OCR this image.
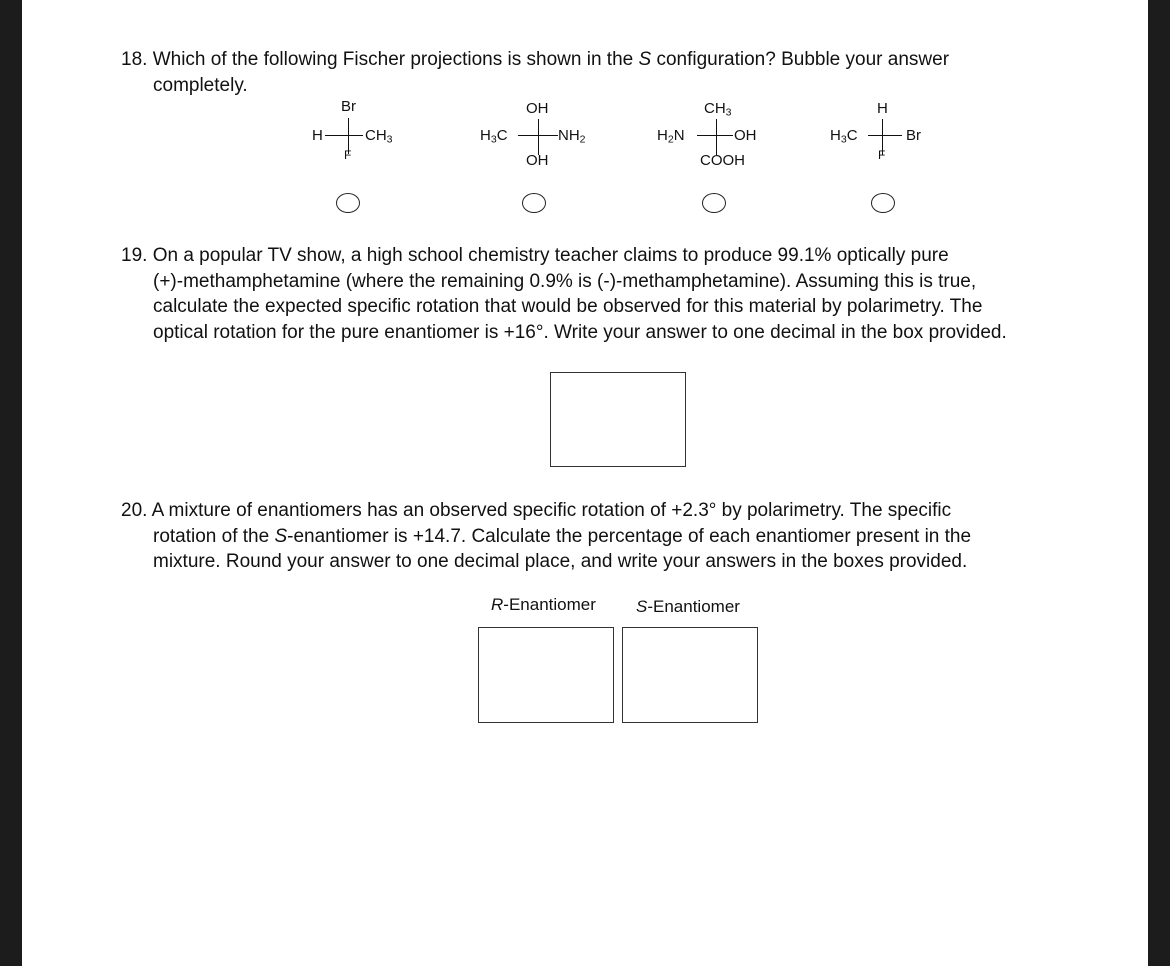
18. Which of the following Fischer projections is shown in the S configuration? Bubble your answer
completely.
Br
H	$CH_3$
F
OH
$H_3C$	$NH_2$
OH
$CH_3$
$H_2N$	OH
COOH
H
$H_3C$	Br
F
19. On a popular TV show, a high school chemistry teacher claims to produce 99.1% optically pure
(+)-methamphetamine (where the remaining 0.9% is (-)-methamphetamine). Assuming this is true,
calculate the expected specific rotation that would be observed for this material by polarimetry. The
optical rotation for the pure enantiomer is +16°. Write your answer to one decimal in the box provided.
20. A mixture of enantiomers has an observed specific rotation of +2.3° by polarimetry. The specific
rotation of the S-enantiomer is +14.7. Calculate the percentage of each enantiomer present in the
mixture. Round your answer to one decimal place, and write your answers in the boxes provided.
R-Enantiomer S-Enantiomer
